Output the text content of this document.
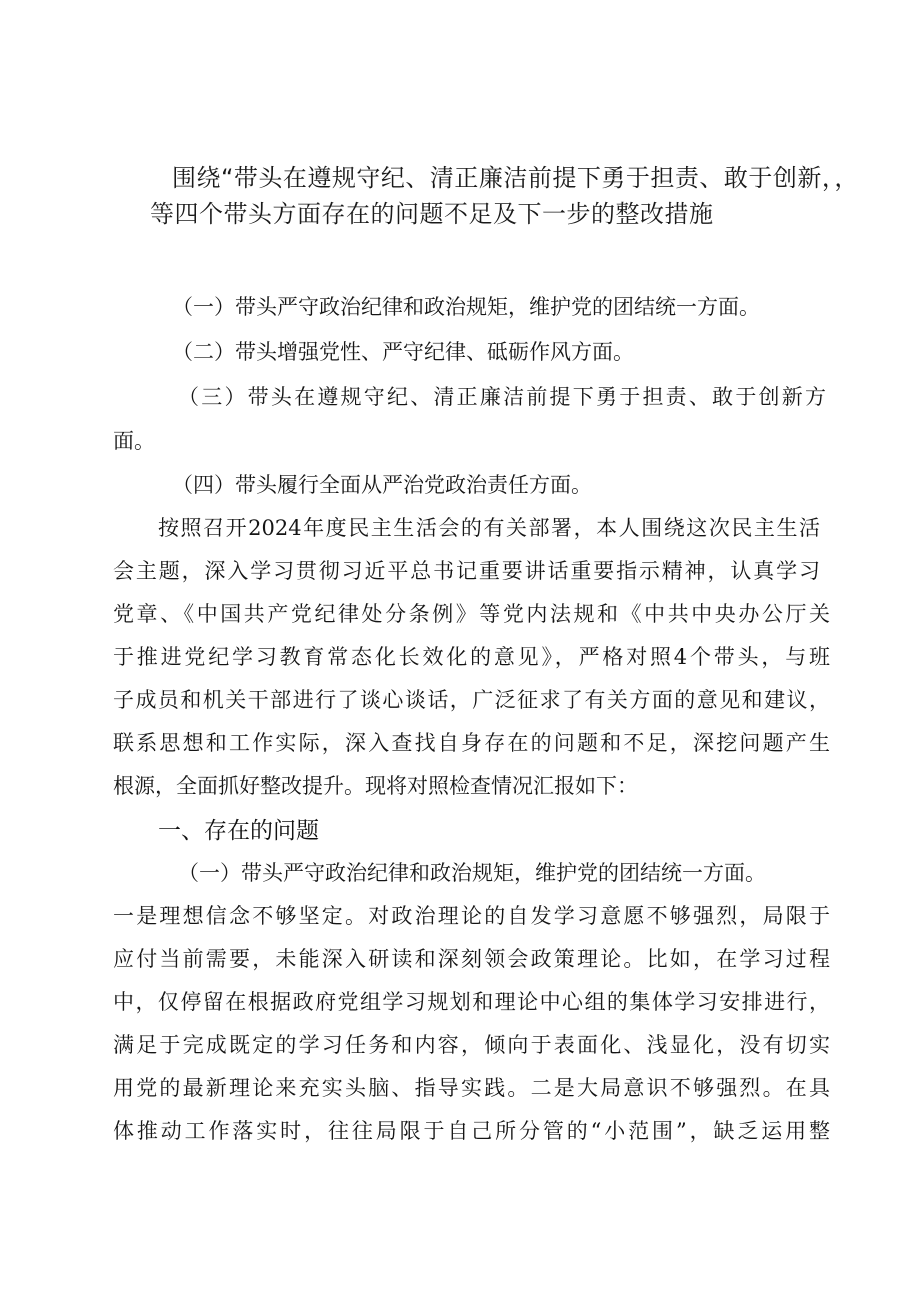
围绕“带头在遵规守纪、清正廉洁前提下勇于担责、敢于创新，，
等四个带头方面存在的问题不足及下一步的整改措施
（一）带头严守政治纪律和政治规矩，维护党的团结统一方面。
（二）带头增强党性、严守纪律、砥砺作风方面。
（三）带头在遵规守纪、清正廉洁前提下勇于担责、敢于创新方
面。
（四）带头履行全面从严治党政治责任方面。
按照召开2024年度民主生活会的有关部署，本人围绕这次民主生活
会主题，深入学习贯彻习近平总书记重要讲话重要指示精神，认真学习
党章、《中国共产党纪律处分条例》等党内法规和《中共中央办公厅关
于推进党纪学习教育常态化长效化的意见》，严格对照4个带头，与班
子成员和机关干部进行了谈心谈话，广泛征求了有关方面的意见和建议，
联系思想和工作实际，深入查找自身存在的问题和不足，深挖问题产生
根源，全面抓好整改提升。现将对照检查情况汇报如下：
一、存在的问题
（一）带头严守政治纪律和政治规矩，维护党的团结统一方面。
一是理想信念不够坚定。对政治理论的自发学习意愿不够强烈，局限于
应付当前需要，未能深入研读和深刻领会政策理论。比如，在学习过程
中，仅停留在根据政府党组学习规划和理论中心组的集体学习安排进行，
满足于完成既定的学习任务和内容，倾向于表面化、浅显化，没有切实
用党的最新理论来充实头脑、指导实践。二是大局意识不够强烈。在具
体推动工作落实时，往往局限于自己所分管的“小范围”，缺乏运用整
